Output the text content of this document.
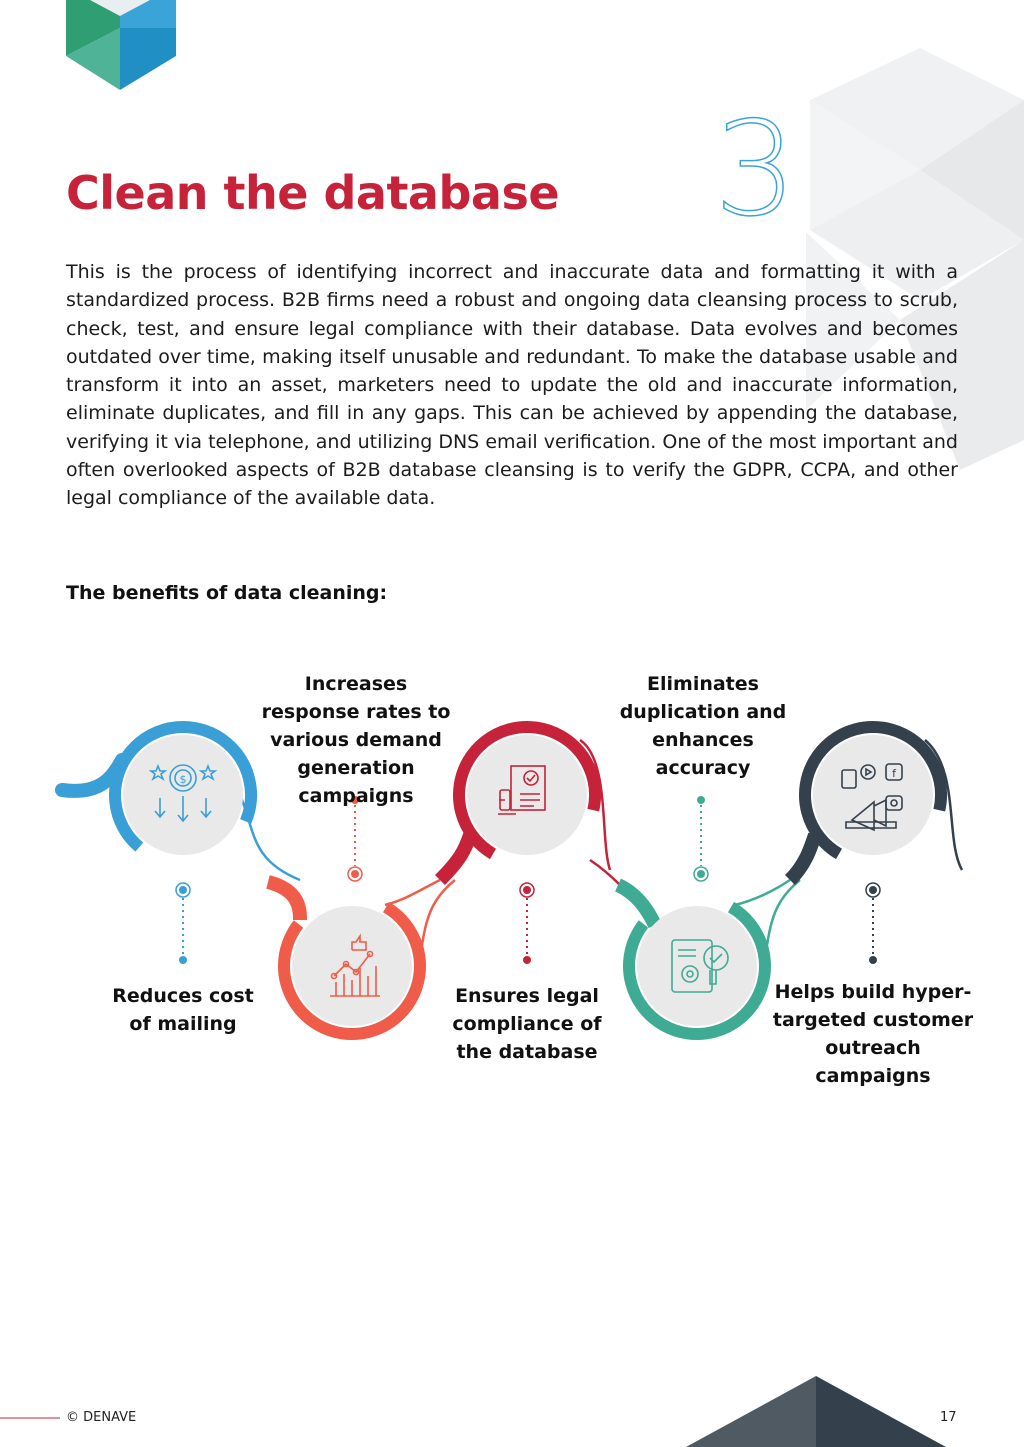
$	f
Clean the database 3
This is the process of identifying incorrect and inaccurate data and formatting it with a standardized process. B2B firms need a robust and ongoing data cleansing process to scrub, check, test, and ensure legal compliance with their database. Data evolves and becomes outdated over time, making itself unusable and redundant. To make the database usable and transform it into an asset, marketers need to update the old and inaccurate information, eliminate duplicates, and fill in any gaps. This can be achieved by appending the database, verifying it via telephone, and utilizing DNS email verification. One of the most important and often overlooked aspects of B2B database cleansing is to verify the GDPR, CCPA, and other legal compliance of the available data.
The benefits of data cleaning:
Reduces cost of mailing
Increases response rates to various demand generation campaigns
Ensures legal compliance of the database
Eliminates duplication and enhances accuracy
Helps build hyper-targeted customer outreach campaigns
© DENAVE	17
